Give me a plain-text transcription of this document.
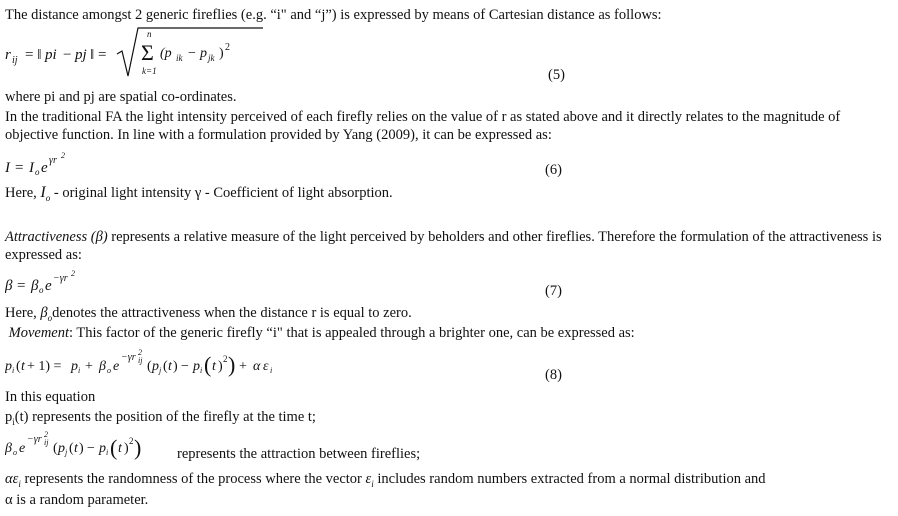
The distance amongst 2 generic fireflies (e.g. “i" and “j”) is expressed by means of Cartesian distance as follows:
r ij = ‖ pi − pj ‖ =
n
Σ
k=1
(p ik − p jk ) 2
(5)
where pi and pj are spatial co-ordinates.
In the traditional FA the light intensity perceived of each firefly relies on the value of r as stated above and it directly relates to the magnitude of objective function. In line with a formulation provided by Yang (2009), it can be expressed as:
I = I o e γr 2
(6)
Here, $I_o$ - original light intensity γ - Coefficient of light absorption.
Attractiveness (β) represents a relative measure of the light perceived by beholders and other fireflies. Therefore the formulation of the attractiveness is expressed as:
β = β o e −γr 2
(7)
Here, $\beta_odenotes$ the attractiveness when the distance r is equal to zero.
Movement: This factor of the generic firefly “i" that is appealed through a brighter one, can be expressed as:
p i ( t + 1) = p i + β o e
−γr 2
ij ( p j ( t ) − p i ( t ) 2 ) + α ε i	(8)
In this equation
$p_i(t)$ represents the position of the firefly at the time t;
β o e
−γr 2
ij ( p j ( t ) − p i ( t ) 2 ) represents the attraction between fireflies;
$\alpha\varepsilon_i$ represents the randomness of the process where the vector $\varepsilon_i$ includes random numbers extracted from a normal distribution and
α is a random parameter.
